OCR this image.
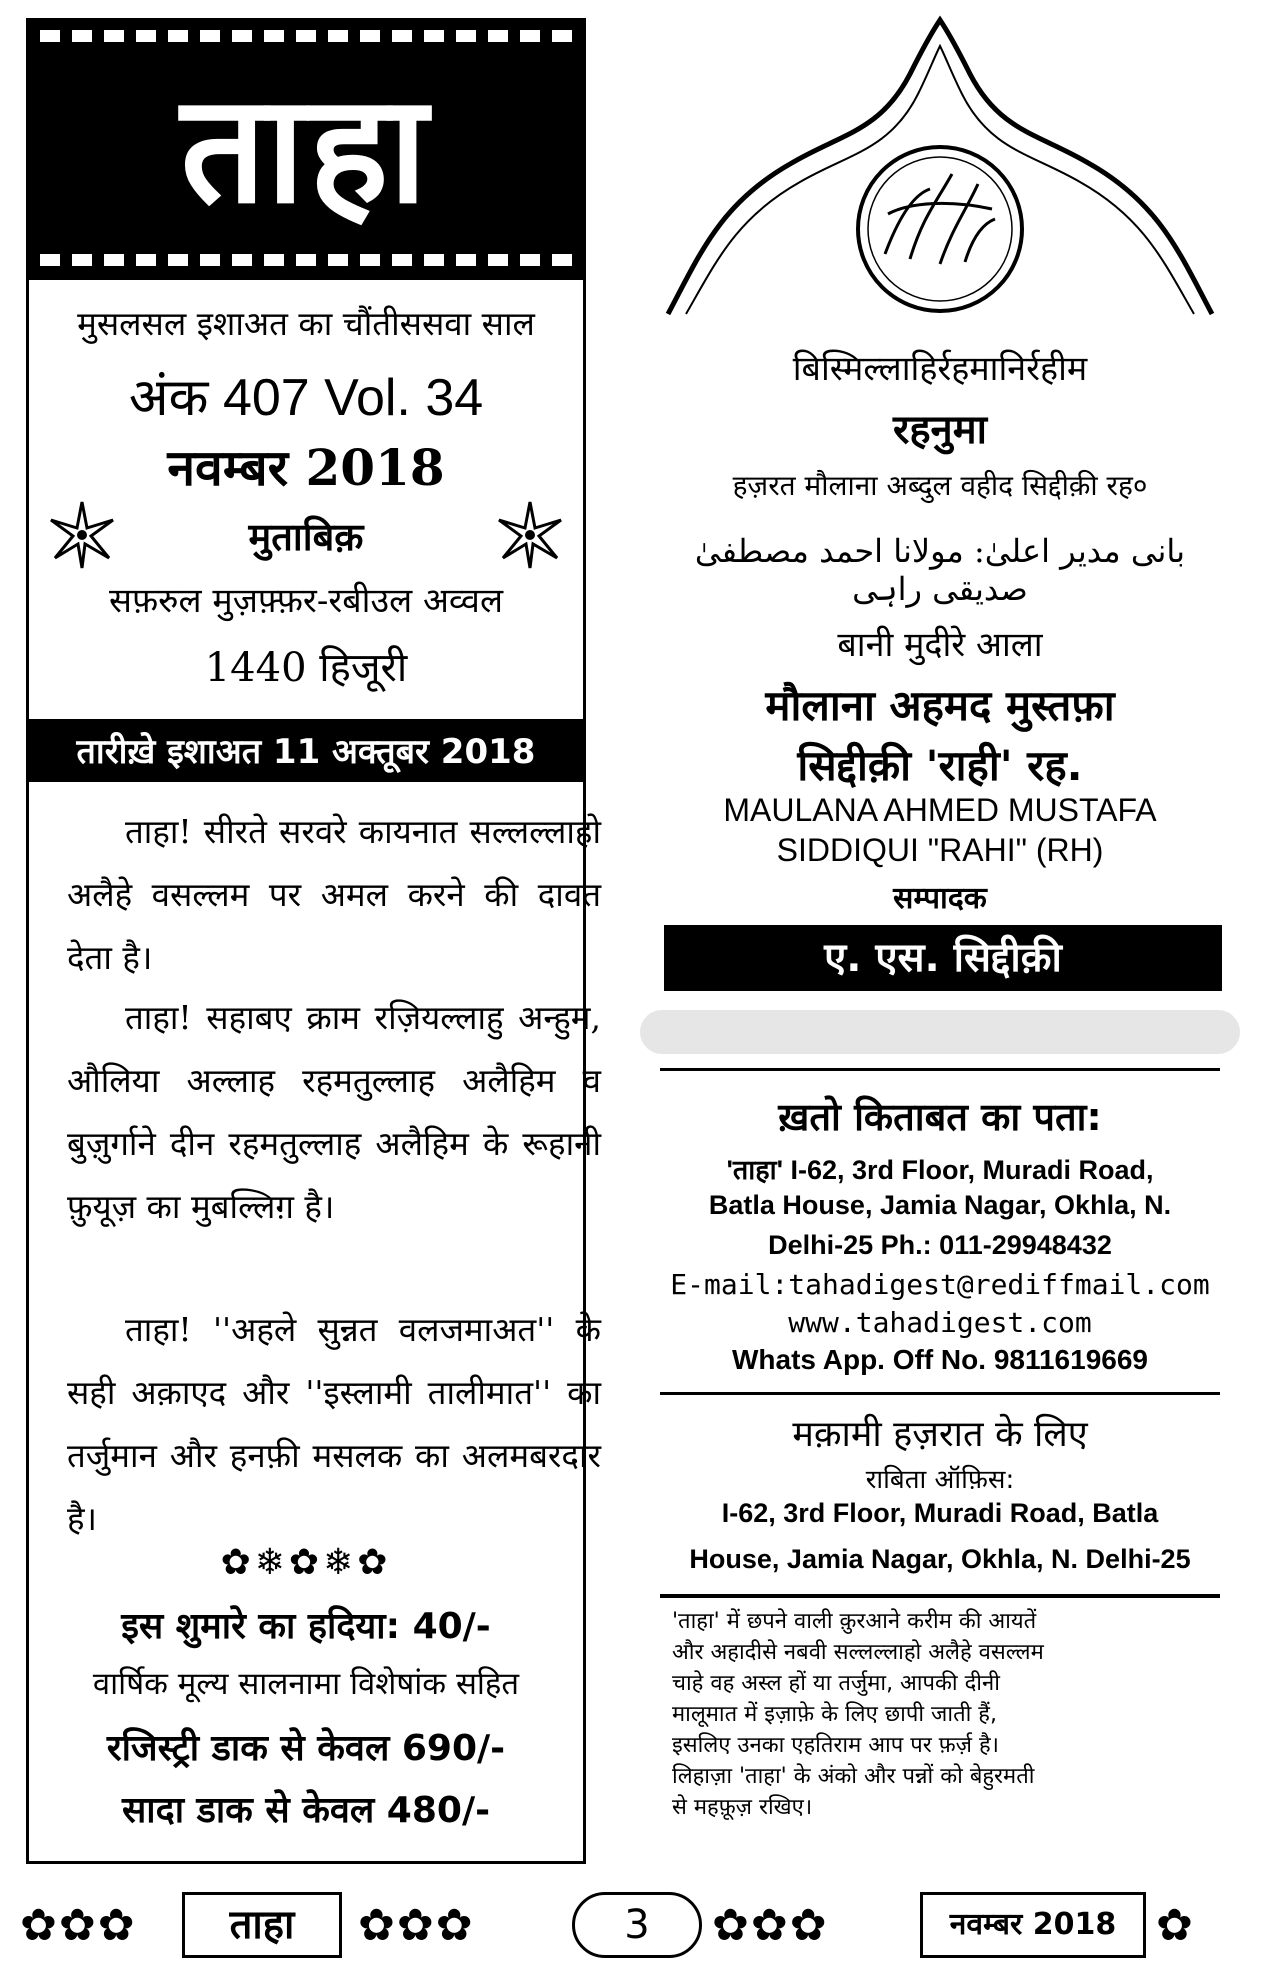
ताहा
मुसलसल इशाअत का चौंतीससवा साल
अंक 407 Vol. 34
नवम्बर 2018
मुताबिक़
सफ़रुल मुज़फ़्फ़र-रबीउल अव्वल
1440 हिजूरी
तारीख़े इशाअत 11 अक्तूबर 2018
ताहा! सीरते सरवरे कायनात सल्लल्लाहो अलैहे वसल्लम पर अमल करने की दावत देता है।
ताहा! सहाबए क्राम रज़ियल्लाहु अन्हुम, औलिया अल्लाह रहमतुल्लाह अलैहिम व बुज़ुर्गाने दीन रहमतुल्लाह अलैहिम के रूहानी फ़ुयूज़ का मुबल्लिग़ है।
ताहा! ''अहले सुन्नत वलजमाअत'' के सही अक़ाएद और ''इस्लामी तालीमात'' का तर्जुमान और हनफ़ी मसलक का अलमबरदार है।
✿❄✿❄✿
इस शुमारे का हदिया: 40/-
वार्षिक मूल्य सालनामा विशेषांक सहित
रजिस्ट्री डाक से केवल 690/-
सादा डाक से केवल 480/-
बिस्मिल्लाहिर्रहमानिर्रहीम
रहनुमा
हज़रत मौलाना अब्दुल वहीद सिद्दीक़ी रह०
بانی مدیر اعلیٰ: مولانا احمد مصطفیٰ صدیقی راہی
बानी मुदीरे आला
मौलाना अहमद मुस्तफ़ा
सिद्दीक़ी 'राही' रह.
MAULANA AHMED MUSTAFA
SIDDIQUI "RAHI" (RH)
सम्पादक
ए. एस. सिद्दीक़ी
ख़तो किताबत का पता:
'ताहा' I-62, 3rd Floor, Muradi Road,
Batla House, Jamia Nagar, Okhla, N.
Delhi-25 Ph.: 011-29948432
E-mail:tahadigest@rediffmail.com
www.tahadigest.com
Whats App. Off No. 9811619669
मक़ामी हज़रात के लिए
राबिता ऑफ़िस:
I-62, 3rd Floor, Muradi Road, Batla
House, Jamia Nagar, Okhla, N. Delhi-25
'ताहा' में छपने वाली क़ुरआने करीम की आयतें
और अहादीसे नबवी सल्लल्लाहो अलैहे वसल्लम
चाहे वह अस्ल हों या तर्जुमा, आपकी दीनी
मालूमात में इज़ाफ़े के लिए छापी जाती हैं,
इसलिए उनका एहतिराम आप पर फ़र्ज़ है।
लिहाज़ा 'ताहा' के अंको और पन्नों को बेहुरमती
से महफ़ूज़ रखिए।
✿✿✿	ताहा	✿✿✿	3	✿✿✿	नवम्बर 2018 ✿
